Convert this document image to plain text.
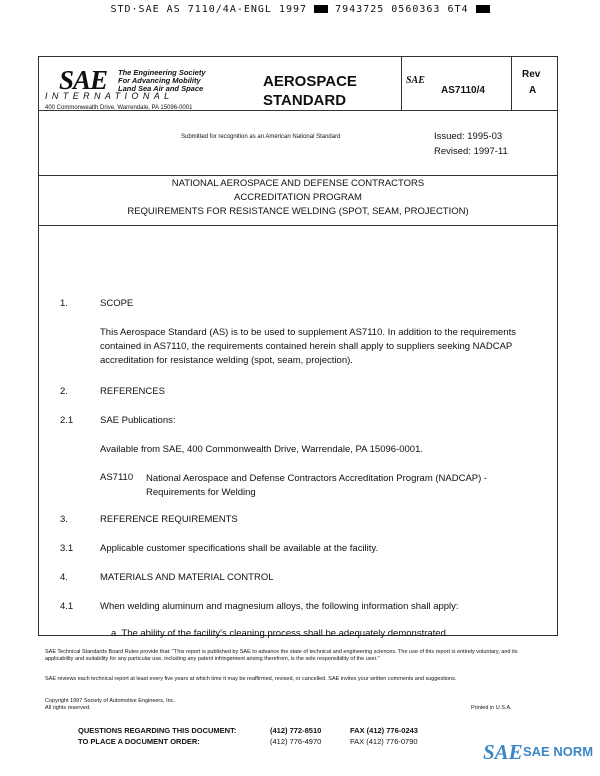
STD·SAE AS 7110/4A-ENGL 1997	7943725 0560363 6T4
SAE The Engineering Society
For Advancing Mobility
Land Sea Air and Space
INTERNATIONAL
400 Commonwealth Drive, Warrendale, PA 15096-0001
AEROSPACE
STANDARD
SAE
AS7110/4
Rev
A
Submitted for recognition as an American National Standard	Issued: 1995-03
Revised: 1997-11
NATIONAL AEROSPACE AND DEFENSE CONTRACTORS
ACCREDITATION PROGRAM
REQUIREMENTS FOR RESISTANCE WELDING (SPOT, SEAM, PROJECTION)
1.	SCOPE
This Aerospace Standard (AS) is to be used to supplement AS7110. In addition to the requirements contained in AS7110, the requirements contained herein shall apply to suppliers seeking NADCAP accreditation for resistance welding (spot, seam, projection).
2.	REFERENCES
2.1	SAE Publications:
Available from SAE, 400 Commonwealth Drive, Warrendale, PA 15096-0001.
AS7110 National Aerospace and Defense Contractors Accreditation Program (NADCAP) - Requirements for Welding
3.	REFERENCE REQUIREMENTS
3.1	Applicable customer specifications shall be available at the facility.
4.	MATERIALS AND MATERIAL CONTROL
4.1	When welding aluminum and magnesium alloys, the following information shall apply:
a. The ability of the facility's cleaning process shall be adequately demonstrated.
SAE Technical Standards Board Rules provide that: "This report is published by SAE to advance the state of technical and engineering sciences. The use of this report is entirely voluntary, and its applicability and suitability for any particular use, including any patent infringement arising therefrom, is the sole responsibility of the user."
SAE reviews each technical report at least every five years at which time it may be reaffirmed, revised, or cancelled. SAE invites your written comments and suggestions.
Copyright 1997 Society of Automotive Engineers, Inc.
All rights reserved.	Printed in U.S.A.
QUESTIONS REGARDING THIS DOCUMENT:	(412) 772-8510	FAX (412) 776-0243
TO PLACE A DOCUMENT ORDER:	(412) 776-4970	FAX (412) 776-0790	SAE SAE NORM
